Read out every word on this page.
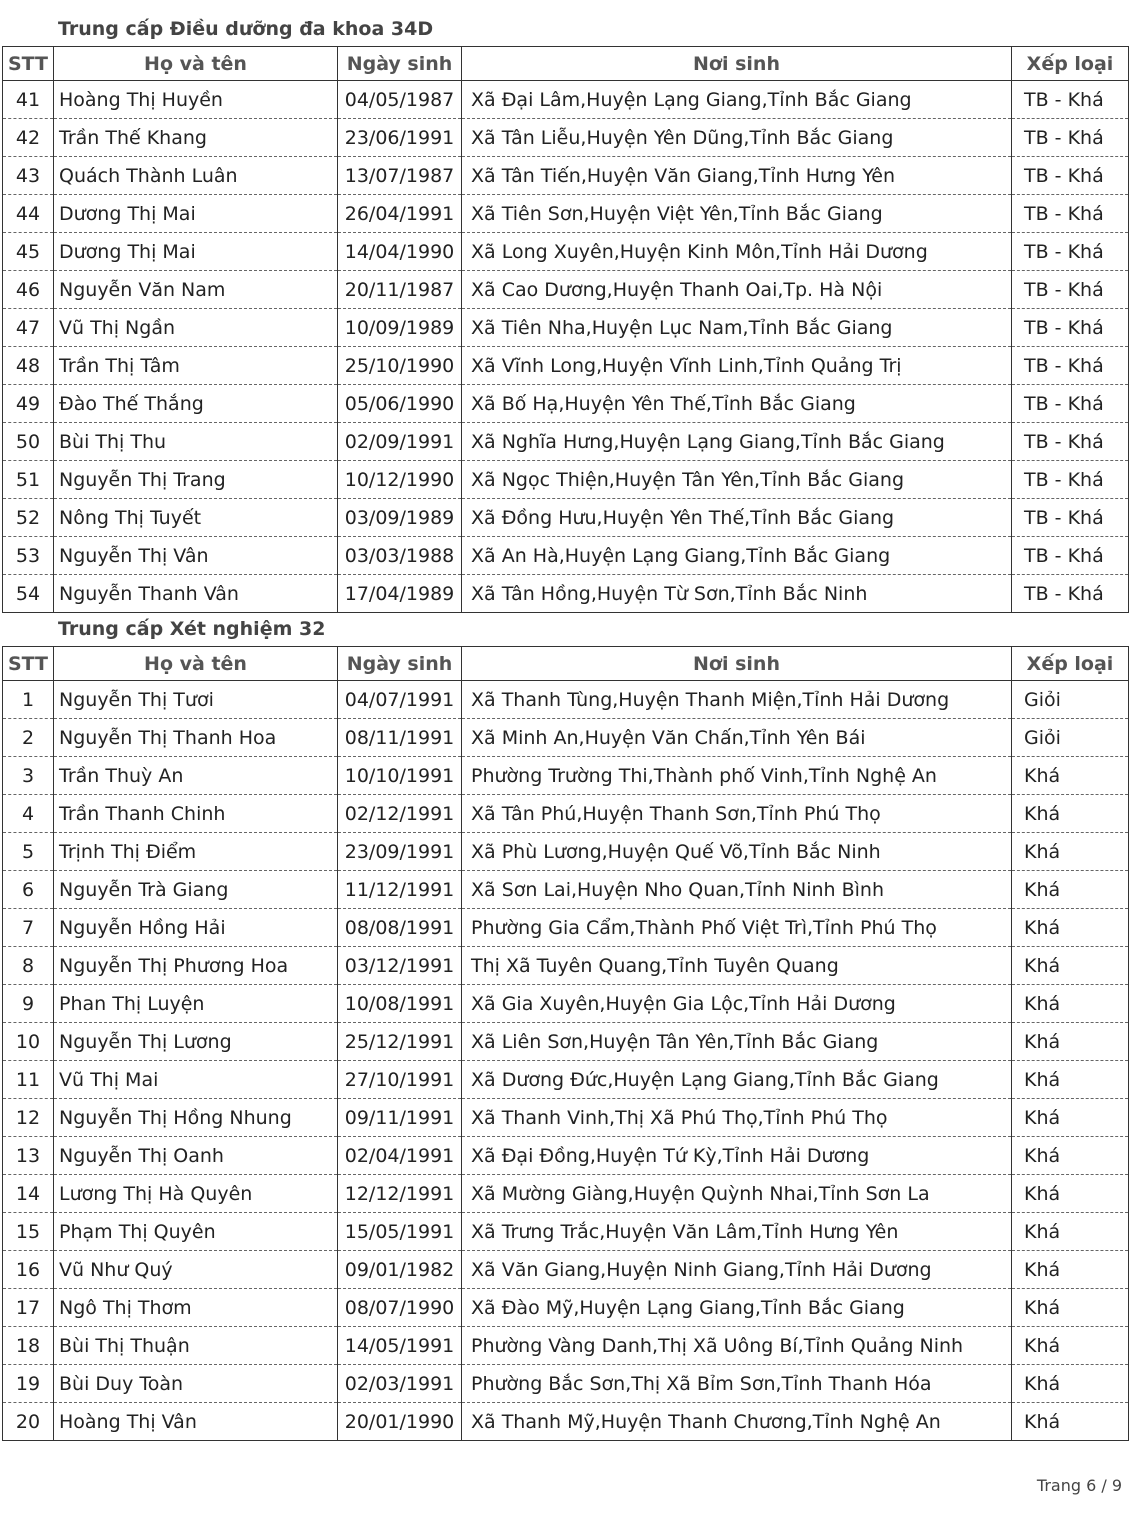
Trung cấp Điều dưỡng đa khoa 34D
STT	Họ và tên	Ngày sinh	Nơi sinh	Xếp loại
41	Hoàng Thị Huyền	04/05/1987	Xã Đại Lâm,Huyện Lạng Giang,Tỉnh Bắc Giang	TB - Khá
42	Trần Thế Khang	23/06/1991	Xã Tân Liễu,Huyện Yên Dũng,Tỉnh Bắc Giang	TB - Khá
43	Quách Thành Luân	13/07/1987	Xã Tân Tiến,Huyện Văn Giang,Tỉnh Hưng Yên	TB - Khá
44	Dương Thị Mai	26/04/1991	Xã Tiên Sơn,Huyện Việt Yên,Tỉnh Bắc Giang	TB - Khá
45	Dương Thị Mai	14/04/1990	Xã Long Xuyên,Huyện Kinh Môn,Tỉnh Hải Dương	TB - Khá
46	Nguyễn Văn Nam	20/11/1987	Xã Cao Dương,Huyện Thanh Oai,Tp. Hà Nội	TB - Khá
47	Vũ Thị Ngần	10/09/1989	Xã Tiên Nha,Huyện Lục Nam,Tỉnh Bắc Giang	TB - Khá
48	Trần Thị Tâm	25/10/1990	Xã Vĩnh Long,Huyện Vĩnh Linh,Tỉnh Quảng Trị	TB - Khá
49	Đào Thế Thắng	05/06/1990	Xã Bố Hạ,Huyện Yên Thế,Tỉnh Bắc Giang	TB - Khá
50	Bùi Thị Thu	02/09/1991	Xã Nghĩa Hưng,Huyện Lạng Giang,Tỉnh Bắc Giang	TB - Khá
51	Nguyễn Thị Trang	10/12/1990	Xã Ngọc Thiện,Huyện Tân Yên,Tỉnh Bắc Giang	TB - Khá
52	Nông Thị Tuyết	03/09/1989	Xã Đồng Hưu,Huyện Yên Thế,Tỉnh Bắc Giang	TB - Khá
53	Nguyễn Thị Vân	03/03/1988	Xã An Hà,Huyện Lạng Giang,Tỉnh Bắc Giang	TB - Khá
54	Nguyễn Thanh Vân	17/04/1989	Xã Tân Hồng,Huyện Từ Sơn,Tỉnh Bắc Ninh	TB - Khá
Trung cấp Xét nghiệm 32
STT	Họ và tên	Ngày sinh	Nơi sinh	Xếp loại
1	Nguyễn Thị Tươi	04/07/1991	Xã Thanh Tùng,Huyện Thanh Miện,Tỉnh Hải Dương	Giỏi
2	Nguyễn Thị Thanh Hoa	08/11/1991	Xã Minh An,Huyện Văn Chấn,Tỉnh Yên Bái	Giỏi
3	Trần Thuỳ An	10/10/1991	Phường Trường Thi,Thành phố Vinh,Tỉnh Nghệ An	Khá
4	Trần Thanh Chinh	02/12/1991	Xã Tân Phú,Huyện Thanh Sơn,Tỉnh Phú Thọ	Khá
5	Trịnh Thị Điểm	23/09/1991	Xã Phù Lương,Huyện Quế Võ,Tỉnh Bắc Ninh	Khá
6	Nguyễn Trà Giang	11/12/1991	Xã Sơn Lai,Huyện Nho Quan,Tỉnh Ninh Bình	Khá
7	Nguyễn Hồng Hải	08/08/1991	Phường Gia Cẩm,Thành Phố Việt Trì,Tỉnh Phú Thọ	Khá
8	Nguyễn Thị Phương Hoa	03/12/1991	Thị Xã Tuyên Quang,Tỉnh Tuyên Quang	Khá
9	Phan Thị Luyện	10/08/1991	Xã Gia Xuyên,Huyện Gia Lộc,Tỉnh Hải Dương	Khá
10	Nguyễn Thị Lương	25/12/1991	Xã Liên Sơn,Huyện Tân Yên,Tỉnh Bắc Giang	Khá
11	Vũ Thị Mai	27/10/1991	Xã Dương Đức,Huyện Lạng Giang,Tỉnh Bắc Giang	Khá
12	Nguyễn Thị Hồng Nhung	09/11/1991	Xã Thanh Vinh,Thị Xã Phú Thọ,Tỉnh Phú Thọ	Khá
13	Nguyễn Thị Oanh	02/04/1991	Xã Đại Đồng,Huyện Tứ Kỳ,Tỉnh Hải Dương	Khá
14	Lương Thị Hà Quyên	12/12/1991	Xã Mường Giàng,Huyện Quỳnh Nhai,Tỉnh Sơn La	Khá
15	Phạm Thị Quyên	15/05/1991	Xã Trưng Trắc,Huyện Văn Lâm,Tỉnh Hưng Yên	Khá
16	Vũ Như Quý	09/01/1982	Xã Văn Giang,Huyện Ninh Giang,Tỉnh Hải Dương	Khá
17	Ngô Thị Thơm	08/07/1990	Xã Đào Mỹ,Huyện Lạng Giang,Tỉnh Bắc Giang	Khá
18	Bùi Thị Thuận	14/05/1991	Phường Vàng Danh,Thị Xã Uông Bí,Tỉnh Quảng Ninh	Khá
19	Bùi Duy Toàn	02/03/1991	Phường Bắc Sơn,Thị Xã Bỉm Sơn,Tỉnh Thanh Hóa	Khá
20	Hoàng Thị Vân	20/01/1990	Xã Thanh Mỹ,Huyện Thanh Chương,Tỉnh Nghệ An	Khá
Trang 6 / 9
